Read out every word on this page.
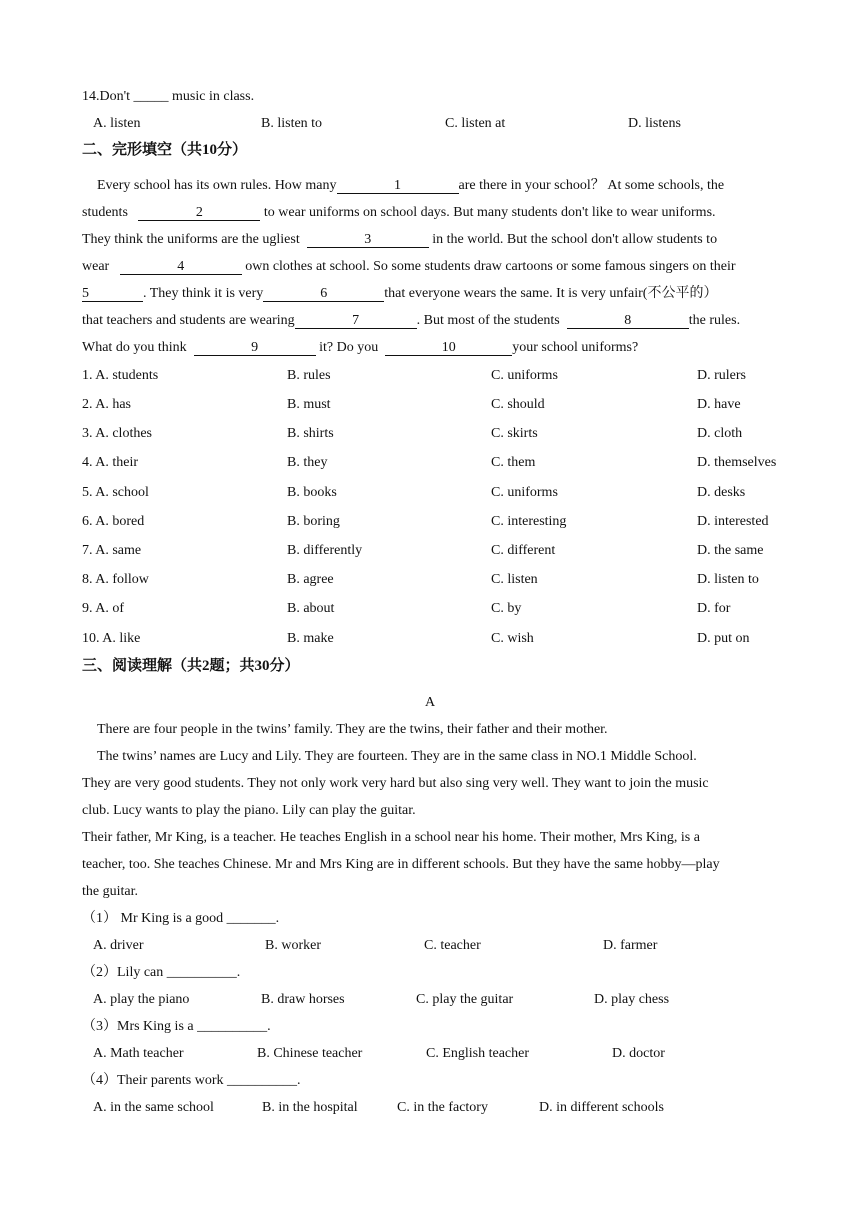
14.Don't _____ music in class.
A. listen	B. listen to	C. listen at	D. listens
二、完形填空（共10分）
Every school has its own rules. How many	1	are there in your school？ At some schools, the
students	2	to wear uniforms on school days. But many students don't like to wear uniforms.
They think the uniforms are the ugliest	3	in the world. But the school don't allow students to
wear	4	own clothes at school. So some students draw cartoons or some famous singers on their
5	. They think it is very	6	that everyone wears the same. It is very unfair(不公平的）
that teachers and students are wearing	7	. But most of the students	8	the rules.
What do you think	9	it? Do you	10	your school uniforms?
1. A. students	B. rules	C. uniforms	D. rulers
2. A. has	B. must	C. should	D. have
3. A. clothes	B. shirts	C. skirts	D. cloth
4. A. their	B. they	C. them	D. themselves
5. A. school	B. books	C. uniforms	D. desks
6. A. bored	B. boring	C. interesting	D. interested
7. A. same	B. differently	C. different	D. the same
8. A. follow	B. agree	C. listen	D. listen to
9. A. of	B. about	C. by	D. for
10. A. like	B. make	C. wish	D. put on
三、阅读理解（共2题；共30分）
A
There are four people in the twins’ family. They are the twins, their father and their mother.
The twins’ names are Lucy and Lily. They are fourteen. They are in the same class in NO.1 Middle School.
They are very good students. They not only work very hard but also sing very well. They want to join the music
club. Lucy wants to play the piano. Lily can play the guitar.
Their father, Mr King, is a teacher. He teaches English in a school near his home. Their mother, Mrs King, is a
teacher, too. She teaches Chinese. Mr and Mrs King are in different schools. But they have the same hobby—play
the guitar.
（1） Mr King is a good _______.
A. driver	B. worker	C. teacher	D. farmer
（2）Lily can __________.
A. play the piano	B. draw horses	C. play the guitar	D. play chess
（3）Mrs King is a __________.
A. Math teacher	B. Chinese teacher	C. English teacher	D. doctor
（4）Their parents work __________.
A. in the same school	B. in the hospital	C. in the factory	D. in different schools
